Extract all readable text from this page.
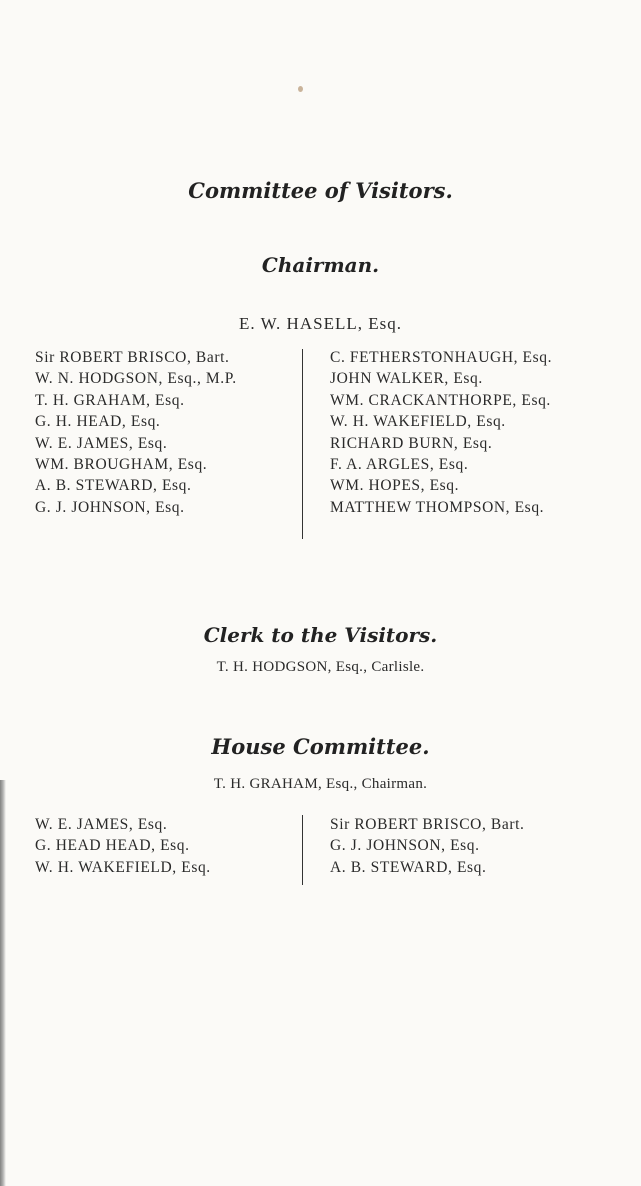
Committee of Visitors.
Chairman.
E. W. HASELL, Esq.
Sir ROBERT BRISCO, Bart.
W. N. HODGSON, Esq., M.P.
T. H. GRAHAM, Esq.
G. H. HEAD, Esq.
W. E. JAMES, Esq.
WM. BROUGHAM, Esq.
A. B. STEWARD, Esq.
G. J. JOHNSON, Esq.
C. FETHERSTONHAUGH, Esq.
JOHN WALKER, Esq.
WM. CRACKANTHORPE, Esq.
W. H. WAKEFIELD, Esq.
RICHARD BURN, Esq.
F. A. ARGLES, Esq.
WM. HOPES, Esq.
MATTHEW THOMPSON, Esq.
Clerk to the Visitors.
T. H. HODGSON, Esq., Carlisle.
House Committee.
T. H. GRAHAM, Esq., Chairman.
W. E. JAMES, Esq.
G. HEAD HEAD, Esq.
W. H. WAKEFIELD, Esq.
Sir ROBERT BRISCO, Bart.
G. J. JOHNSON, Esq.
A. B. STEWARD, Esq.
